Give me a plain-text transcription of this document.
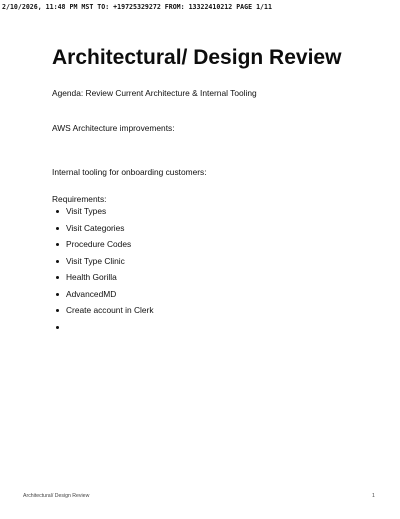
2/10/2026, 11:48 PM MST TO: +19725329272 FROM: 13322410212 PAGE 1/11
Architectural/ Design Review
Agenda: Review Current Architecture & Internal Tooling
AWS Architecture improvements:
Internal tooling for onboarding customers:
Requirements:
Visit Types
Visit Categories
Procedure Codes
Visit Type Clinic
Health Gorilla
AdvancedMD
Create account in Clerk
Architectural/ Design Review	1
